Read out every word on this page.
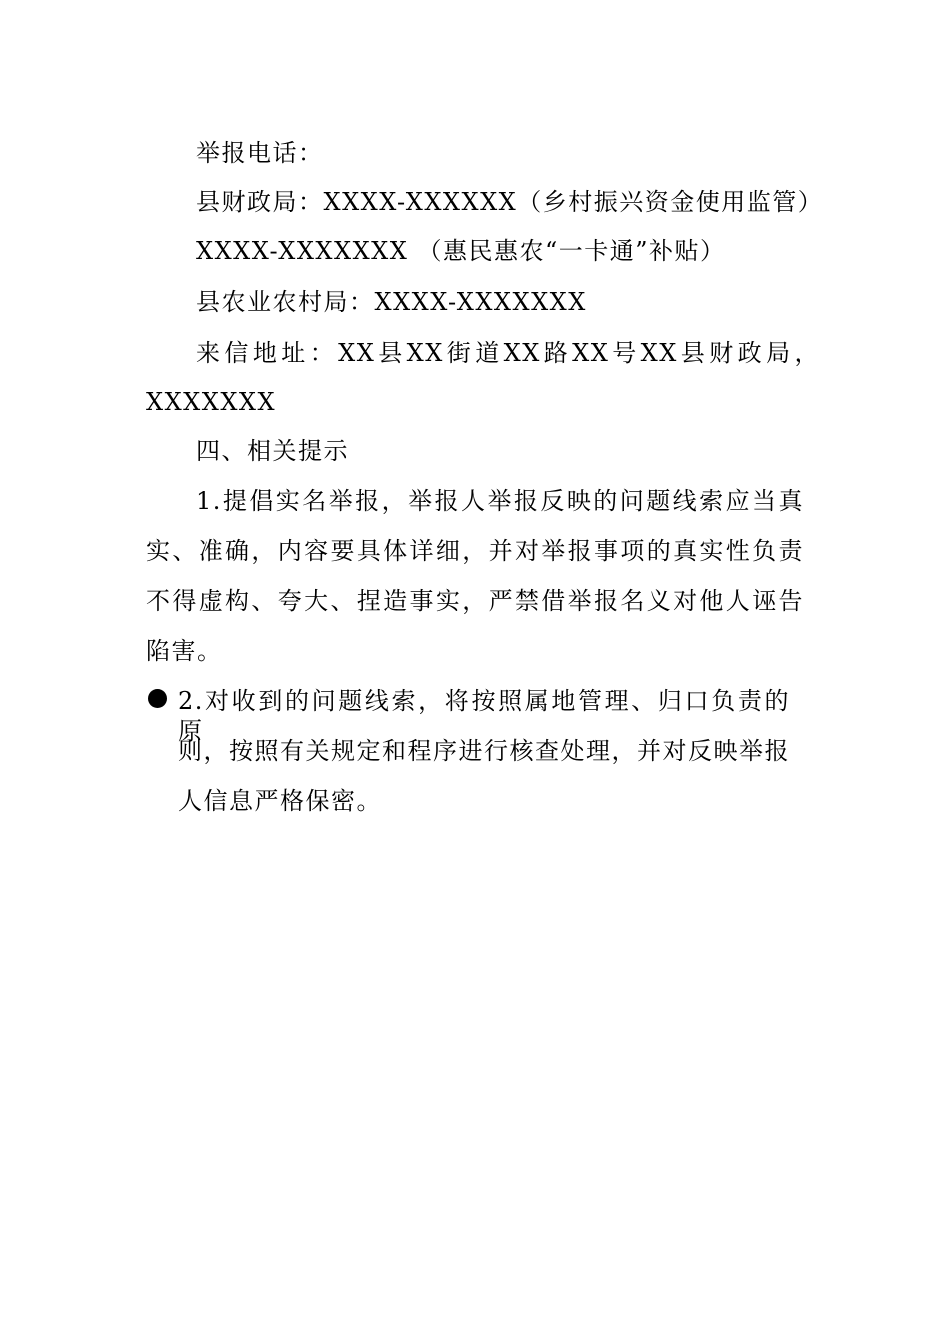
举报电话：
县财政局：XXXX-XXXXXX（乡村振兴资金使用监管）
XXXX-XXXXXXX （惠民惠农“一卡通”补贴）
县农业农村局：XXXX-XXXXXXX
来信地址：XX县XX街道XX路XX号XX县财政局，
XXXXXXX
四、相关提示
1.提倡实名举报，举报人举报反映的问题线索应当真
实、准确，内容要具体详细，并对举报事项的真实性负责
不得虚构、夸大、捏造事实，严禁借举报名义对他人诬告
陷害。
2.对收到的问题线索，将按照属地管理、归口负责的原
则，按照有关规定和程序进行核查处理，并对反映举报
人信息严格保密。
